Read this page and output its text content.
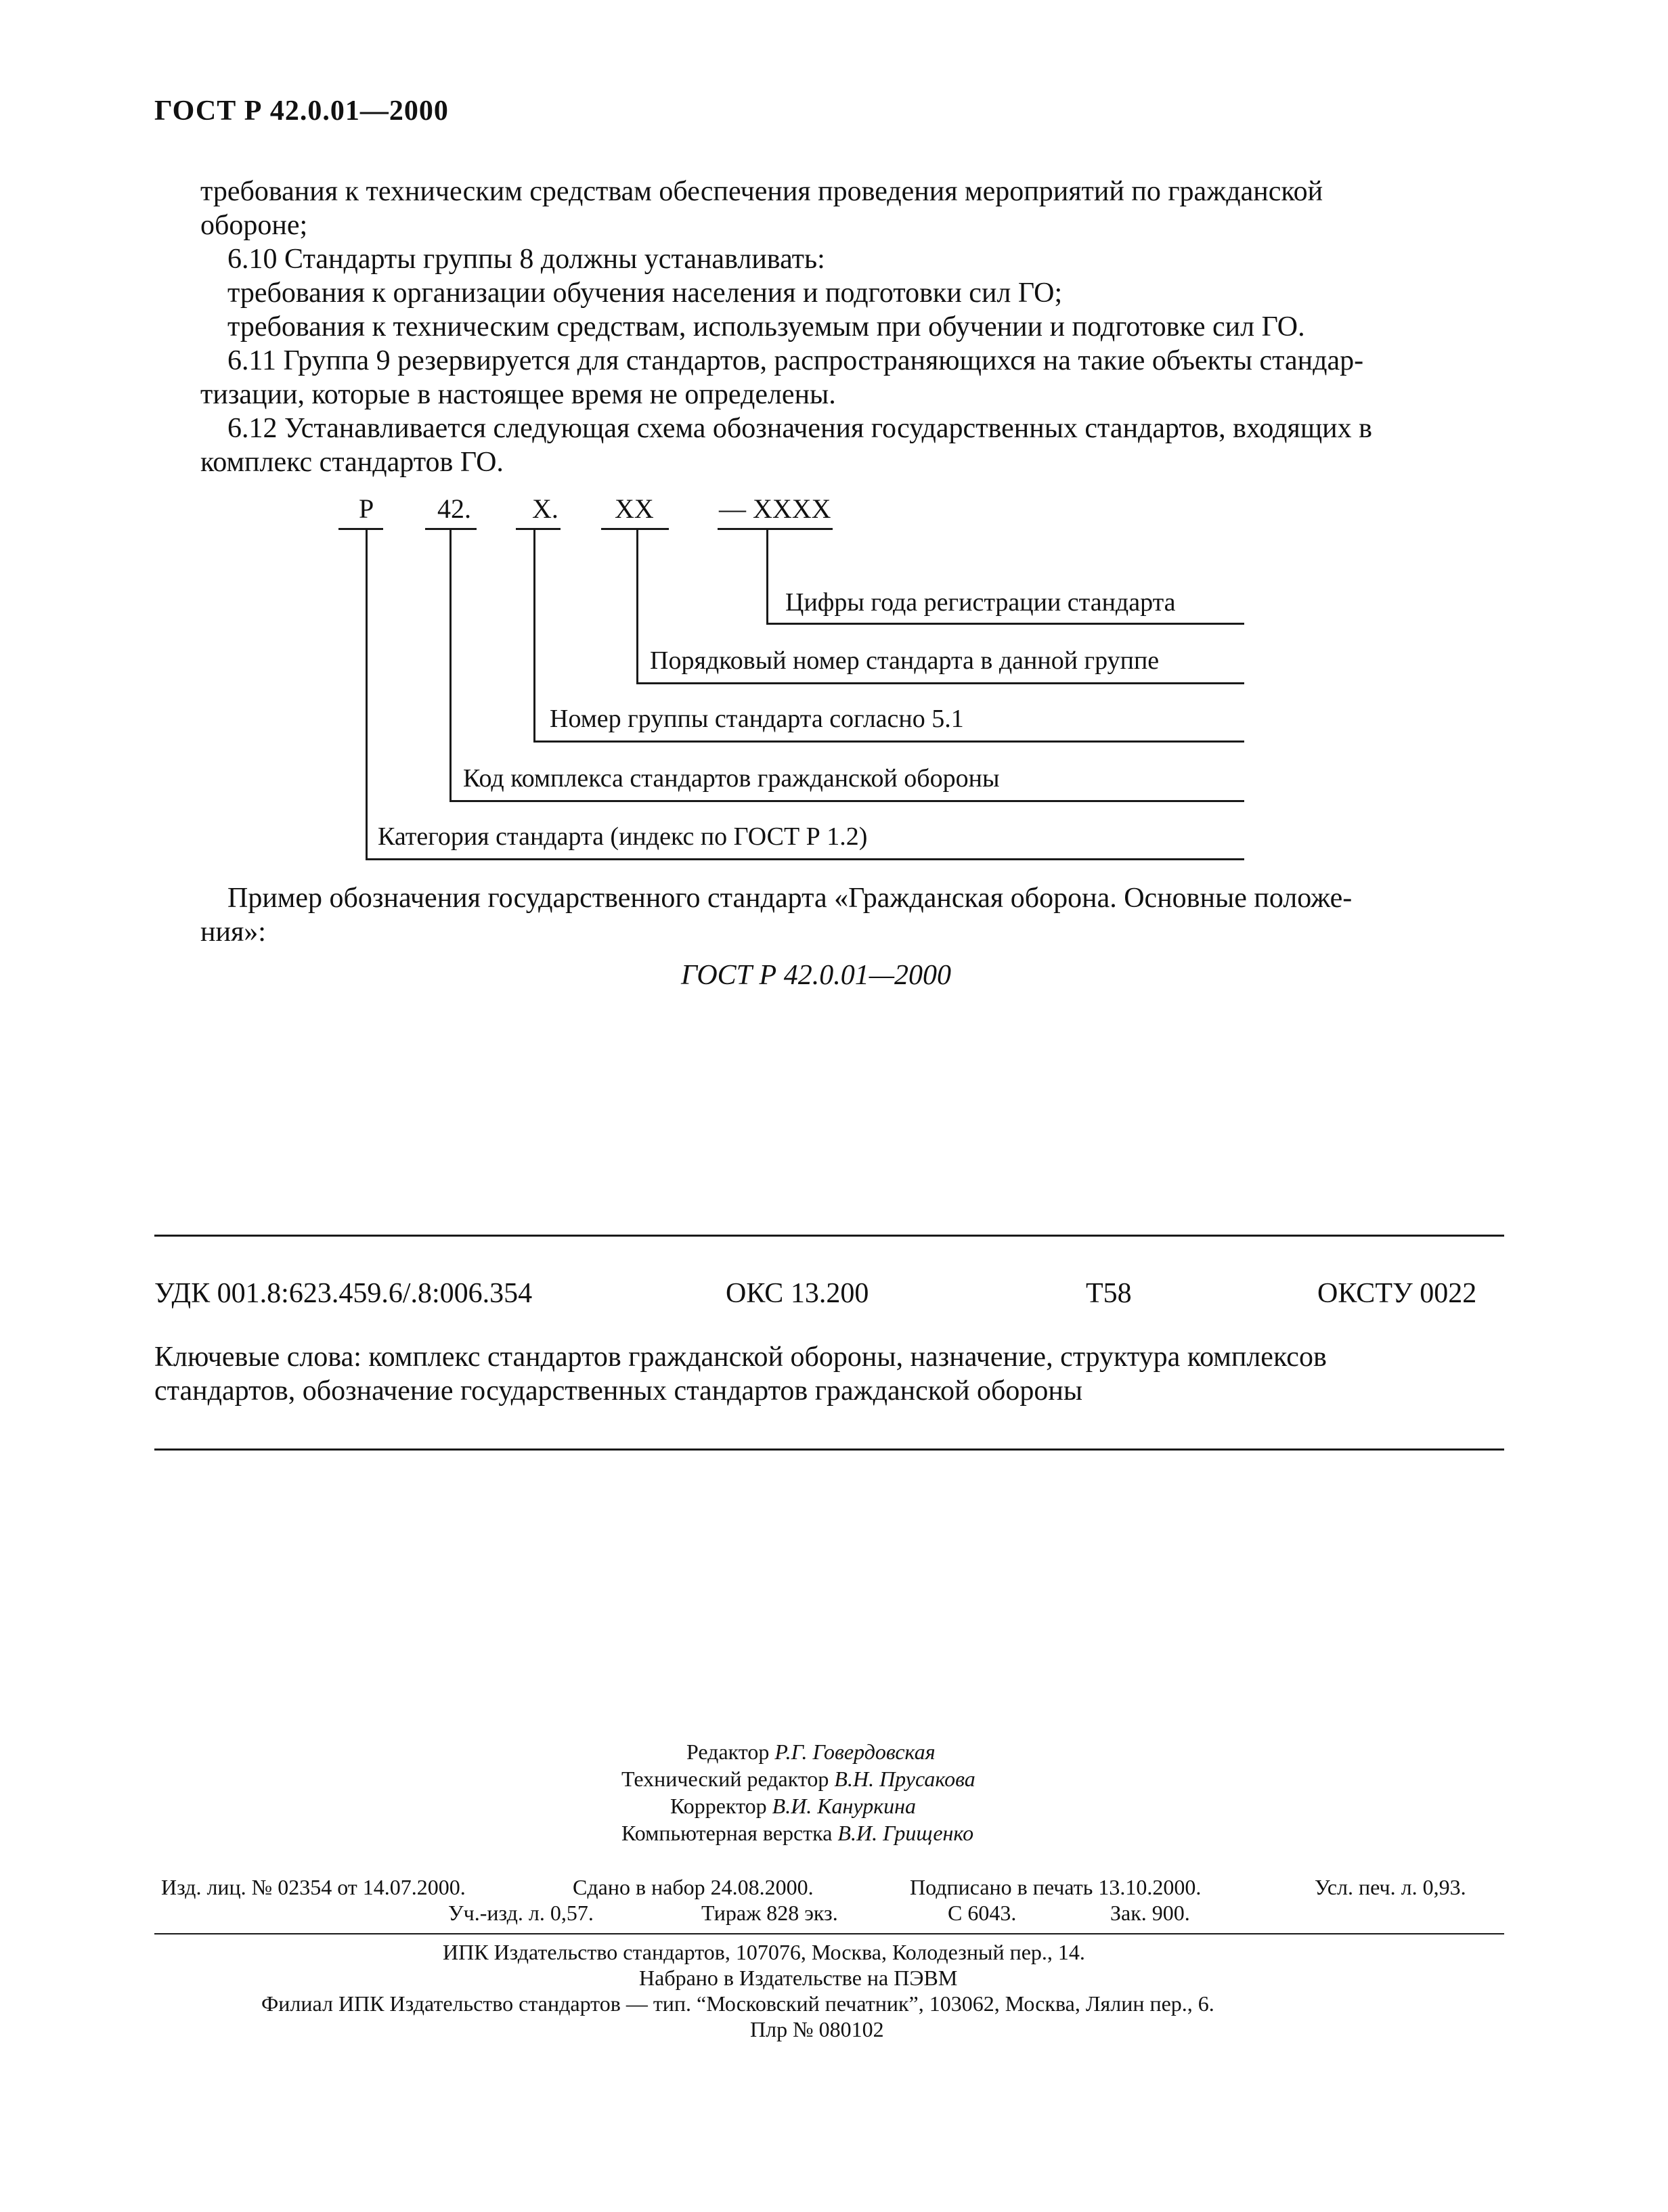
ГОСТ Р 42.0.01—2000
требования к техническим средствам обеспечения проведения мероприятий по гражданской
обороне;
6.10 Стандарты группы 8 должны устанавливать:
требования к организации обучения населения и подготовки сил ГО;
требования к техническим средствам, используемым при обучении и подготовке сил ГО.
6.11 Группа 9 резервируется для стандартов, распространяющихся на такие объекты стандар-
тизации, которые в настоящее время не определены.
6.12 Устанавливается следующая схема обозначения государственных стандартов, входящих в
комплекс стандартов ГО.
Р 42. Х. ХХ — ХХХХ
Цифры года регистрации стандарта
Порядковый номер стандарта в данной группе
Номер группы стандарта согласно 5.1
Код комплекса стандартов гражданской обороны
Категория стандарта (индекс по ГОСТ Р 1.2)
Пример обозначения государственного стандарта «Гражданская оборона. Основные положе-
ния»:
ГОСТ Р 42.0.01—2000
УДК 001.8:623.459.6/.8:006.354	ОКС 13.200	Т58	ОКСТУ 0022
Ключевые слова: комплекс стандартов гражданской обороны, назначение, структура комплексов
стандартов, обозначение государственных стандартов гражданской обороны
Редактор Р.Г. Говердовская
Технический редактор В.Н. Прусакова
Корректор В.И. Кануркина
Компьютерная верстка В.И. Грищенко
Изд. лиц. № 02354 от 14.07.2000.	Сдано в набор 24.08.2000.	Подписано в печать 13.10.2000.	Усл. печ. л. 0,93.
Уч.-изд. л. 0,57.	Тираж 828 экз.	С 6043.	Зак. 900.
ИПК Издательство стандартов, 107076, Москва, Колодезный пер., 14.
Набрано в Издательстве на ПЭВМ
Филиал ИПК Издательство стандартов — тип. “Московский печатник”, 103062, Москва, Лялин пер., 6.
Плр № 080102
